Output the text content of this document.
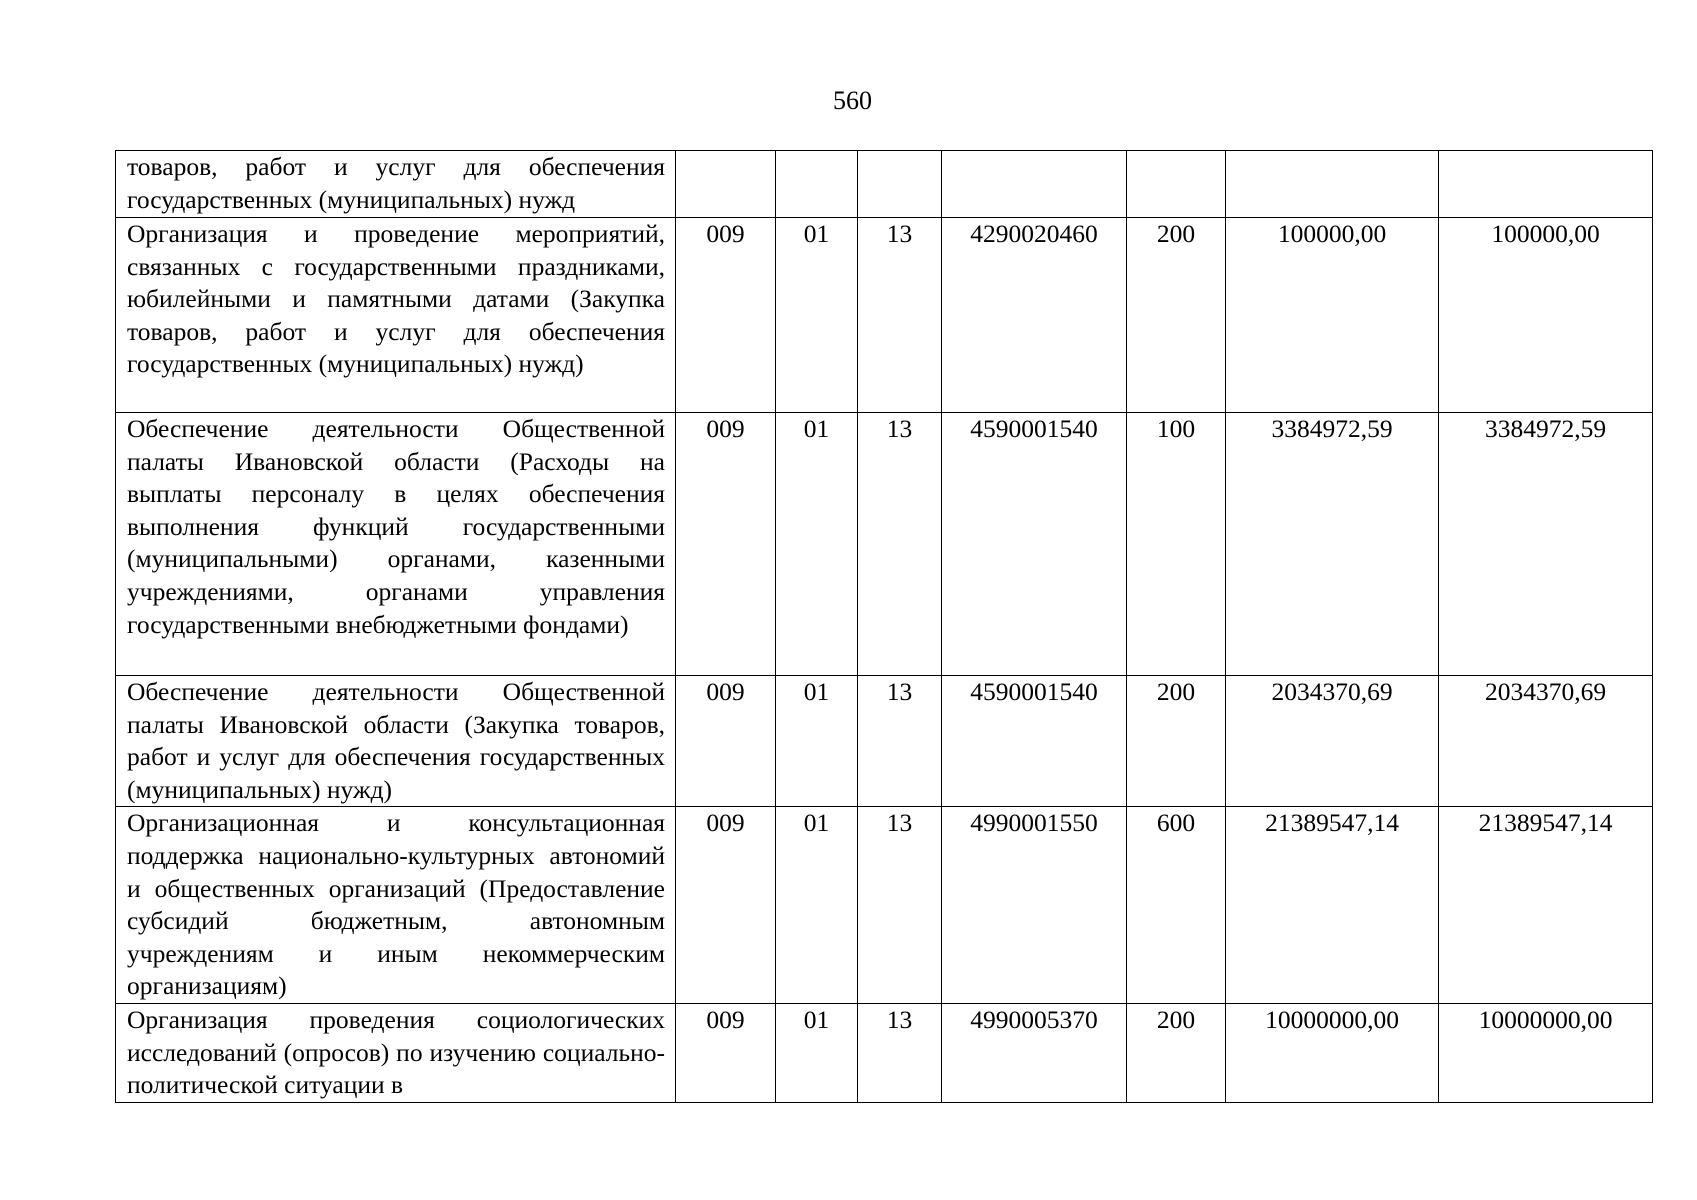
560
товаров, работ и услуг для обеспечения государственных (муниципальных) нужд							
Организация и проведение мероприятий, связанных с государственными праздниками, юбилейными и памятными датами (Закупка товаров, работ и услуг для обеспечения государственных (муниципальных) нужд)	009	01	13	4290020460	200	100000,00	100000,00
Обеспечение деятельности Общественной палаты Ивановской области (Расходы на выплаты персоналу в целях обеспечения выполнения функций государственными (муниципальными) органами, казенными учреждениями, органами управления государственными внебюджетными фондами)	009	01	13	4590001540	100	3384972,59	3384972,59
Обеспечение деятельности Общественной палаты Ивановской области (Закупка товаров, работ и услуг для обеспечения государственных (муниципальных) нужд)	009	01	13	4590001540	200	2034370,69	2034370,69
Организационная и консультационная поддержка национально-культурных автономий и общественных организаций (Предоставление субсидий бюджетным, автономным учреждениям и иным некоммерческим организациям)	009	01	13	4990001550	600	21389547,14	21389547,14
Организация проведения социологических исследований (опросов) по изучению социально-политической ситуации в	009	01	13	4990005370	200	10000000,00	10000000,00
